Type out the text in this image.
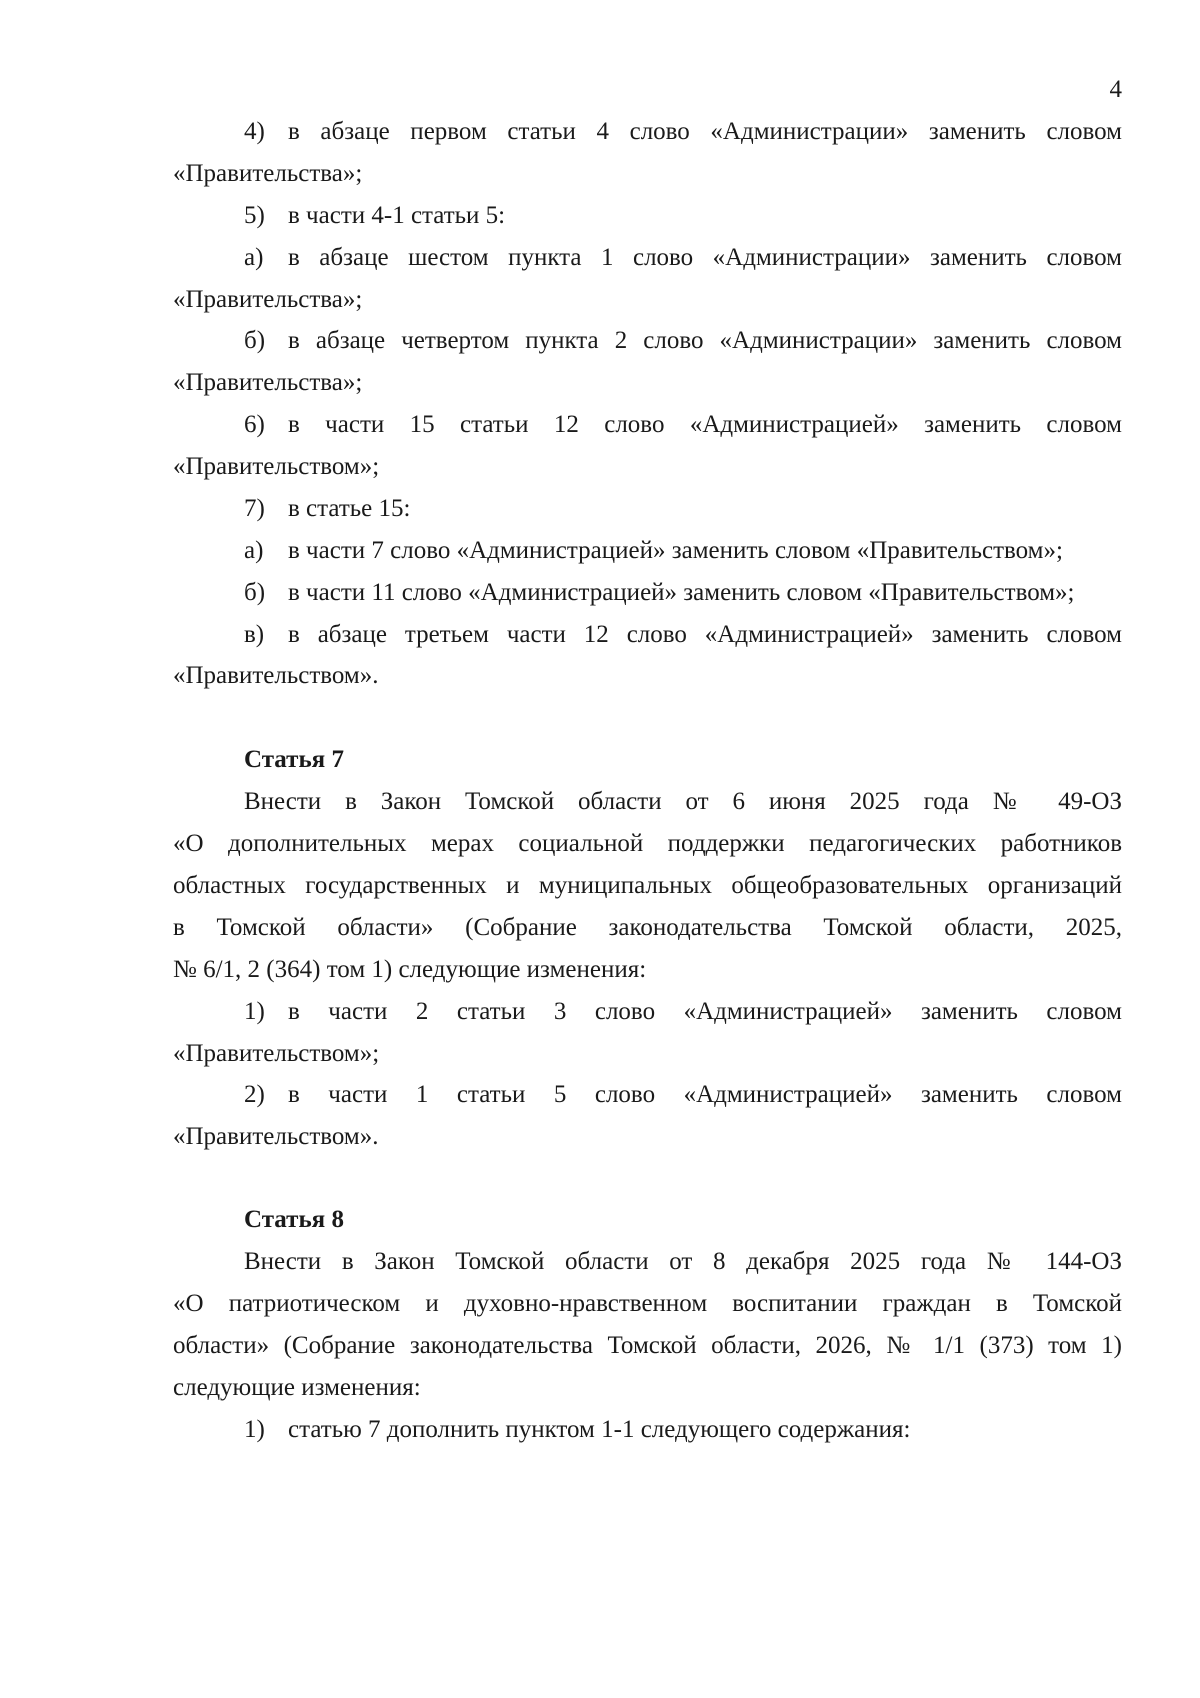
4
4) в абзаце первом статьи 4 слово «Администрации» заменить словом
«Правительства»;
5) в части 4-1 статьи 5:
а) в абзаце шестом пункта 1 слово «Администрации» заменить словом
«Правительства»;
б) в абзаце четвертом пункта 2 слово «Администрации» заменить словом
«Правительства»;
6) в части 15 статьи 12 слово «Администрацией» заменить словом
«Правительством»;
7) в статье 15:
а) в части 7 слово «Администрацией» заменить словом «Правительством»;
б) в части 11 слово «Администрацией» заменить словом «Правительством»;
в) в абзаце третьем части 12 слово «Администрацией» заменить словом
«Правительством».
Статья 7
Внести в Закон Томской области от 6 июня 2025 года № 49-ОЗ
«О дополнительных мерах социальной поддержки педагогических работников
областных государственных и муниципальных общеобразовательных организаций
в Томской области» (Собрание законодательства Томской области, 2025,
№ 6/1, 2 (364) том 1) следующие изменения:
1) в части 2 статьи 3 слово «Администрацией» заменить словом
«Правительством»;
2) в части 1 статьи 5 слово «Администрацией» заменить словом
«Правительством».
Статья 8
Внести в Закон Томской области от 8 декабря 2025 года № 144-ОЗ
«О патриотическом и духовно-нравственном воспитании граждан в Томской
области» (Собрание законодательства Томской области, 2026, № 1/1 (373) том 1)
следующие изменения:
1) статью 7 дополнить пунктом 1-1 следующего содержания:
